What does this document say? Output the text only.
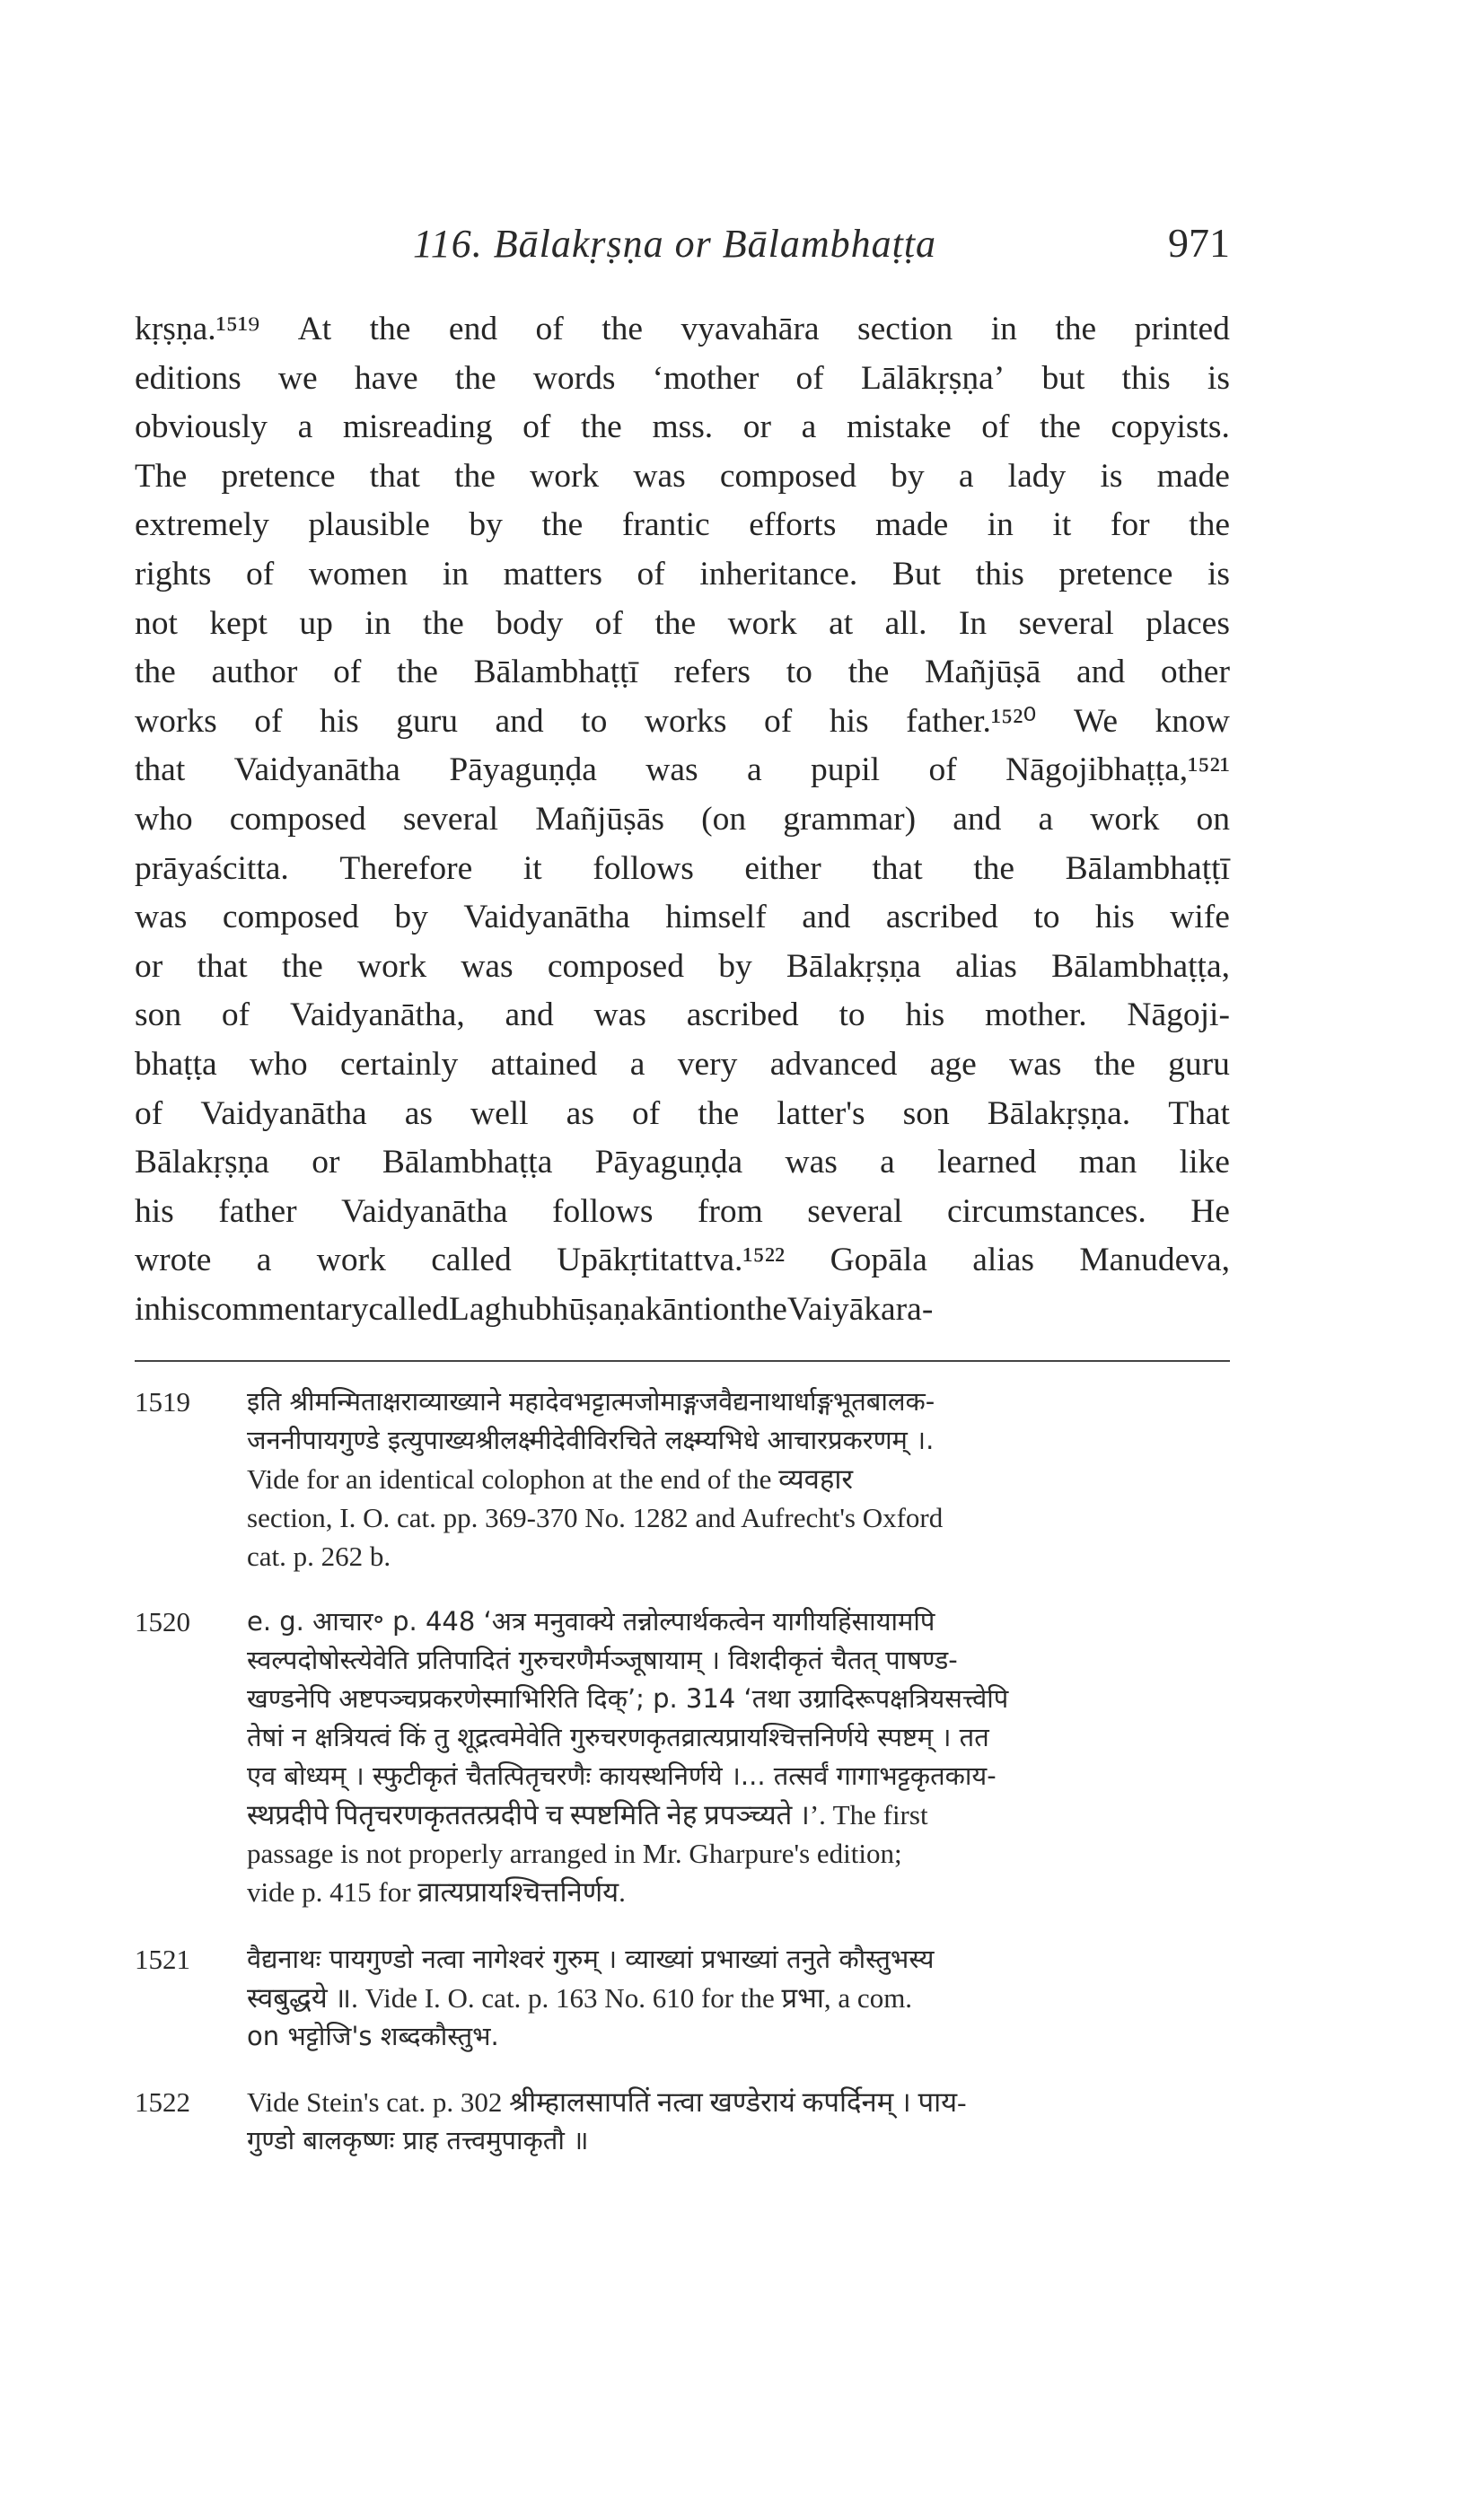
116. Bālakṛṣṇa or Bālambhaṭṭa	971
kṛṣṇa.¹⁵¹⁹ At the end of the vyavahāra section in the printed
editions we have the words ‘mother of Lālākṛṣṇa’ but this is
obviously a misreading of the mss. or a mistake of the copyists.
The pretence that the work was composed by a lady is made
extremely plausible by the frantic efforts made in it for the
rights of women in matters of inheritance. But this pretence is
not kept up in the body of the work at all. In several places
the author of the Bālambhaṭṭī refers to the Mañjūṣā and other
works of his guru and to works of his father.¹⁵²⁰ We know
that Vaidyanātha Pāyaguṇḍa was a pupil of Nāgojibhaṭṭa,¹⁵²¹
who composed several Mañjūṣās (on grammar) and a work on
prāyaścitta. Therefore it follows either that the Bālambhaṭṭī
was composed by Vaidyanātha himself and ascribed to his wife
or that the work was composed by Bālakṛṣṇa alias Bālambhaṭṭa,
son of Vaidyanātha, and was ascribed to his mother. Nāgoji-
bhaṭṭa who certainly attained a very advanced age was the guru
of Vaidyanātha as well as of the latter's son Bālakṛṣṇa. That
Bālakṛṣṇa or Bālambhaṭṭa Pāyaguṇḍa was a learned man like
his father Vaidyanātha follows from several circumstances. He
wrote a work called Upākṛtitattva.¹⁵²² Gopāla alias Manudeva,
in his commentary called Laghubhūṣaṇakānti on the Vaiyākara-
1519 इति श्रीमन्मिताक्षराव्याख्याने महादेवभट्टात्मजोमाङ्गजवैद्यनाथार्धाङ्गभूतबालक-
जननीपायगुण्डे इत्युपाख्यश्रीलक्ष्मीदेवीविरचिते लक्ष्म्यभिधे आचारप्रकरणम् ।.
Vide for an identical colophon at the end of the व्यवहार
section, I. O. cat. pp. 369-370 No. 1282 and Aufrecht's Oxford
cat. p. 262 b.
1520 e. g. आचार॰ p. 448 ‘अत्र मनुवाक्ये तन्नोल्पार्थकत्वेन यागीयहिंसायामपि
स्वल्पदोषोस्त्येवेति प्रतिपादितं गुरुचरणैर्मञ्जूषायाम् । विशदीकृतं चैतत् पाषण्ड-
खण्डनेपि अष्टपञ्चप्रकरणेस्माभिरिति दिक्’; p. 314 ‘तथा उग्रादिरूपक्षत्रियसत्त्वेपि
तेषां न क्षत्रियत्वं किं तु शूद्रत्वमेवेति गुरुचरणकृतव्रात्यप्रायश्चित्तनिर्णये स्पष्टम् । तत
एव बोध्यम् । स्फुटीकृतं चैतत्पितृचरणैः कायस्थनिर्णये ।... तत्सर्वं गागाभट्टकृतकाय-
स्थप्रदीपे पितृचरणकृततत्प्रदीपे च स्पष्टमिति नेह प्रपञ्च्यते ।’. The first
passage is not properly arranged in Mr. Gharpure's edition;
vide p. 415 for व्रात्यप्रायश्चित्तनिर्णय.
1521 वैद्यनाथः पायगुण्डो नत्वा नागेश्वरं गुरुम् । व्याख्यां प्रभाख्यां तनुते कौस्तुभस्य
स्वबुद्धये ॥. Vide I. O. cat. p. 163 No. 610 for the प्रभा, a com.
on भट्टोजि's शब्दकौस्तुभ.
1522 Vide Stein's cat. p. 302 श्रीम्हालसापतिं नत्वा खण्डेरायं कपर्दिनम् । पाय-
गुण्डो बालकृष्णः प्राह तत्त्वमुपाकृतौ ॥
